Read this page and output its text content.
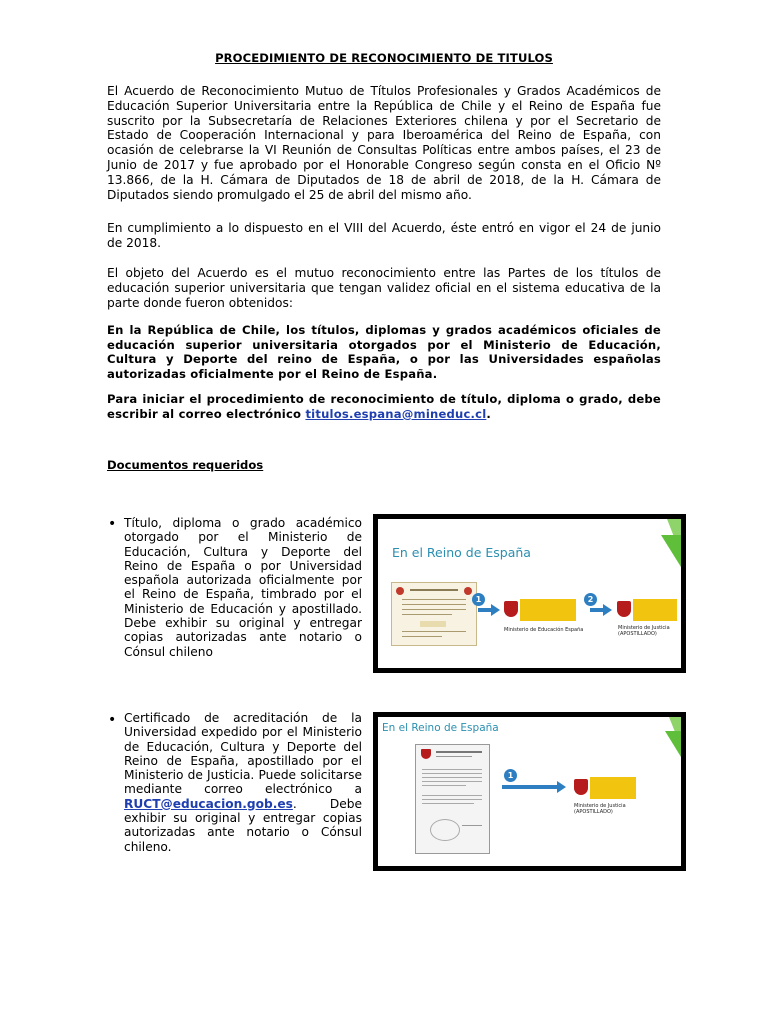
PROCEDIMIENTO DE RECONOCIMIENTO DE TITULOS

El Acuerdo de Reconocimiento Mutuo de Títulos Profesionales y Grados Académicos de Educación Superior Universitaria entre la República de Chile y el Reino de España fue suscrito por la Subsecretaría de Relaciones Exteriores chilena y por el Secretario de Estado de Cooperación Internacional y para Iberoamérica del Reino de España, con ocasión de celebrarse la VI Reunión de Consultas Políticas entre ambos países, el 23 de Junio de 2017 y fue aprobado por el Honorable Congreso según consta en el Oficio Nº 13.866, de la H. Cámara de Diputados de 18 de abril de 2018, de la H. Cámara de Diputados siendo promulgado el 25 de abril del mismo año.

En cumplimiento a lo dispuesto en el VIII del Acuerdo, éste entró en vigor el 24 de junio de 2018.

El objeto del Acuerdo es el mutuo reconocimiento entre las Partes de los títulos de educación superior universitaria que tengan validez oficial en el sistema educativa de la parte donde fueron obtenidos:

En la República de Chile, los títulos, diplomas y grados académicos oficiales de educación superior universitaria otorgados por el Ministerio de Educación, Cultura y Deporte del reino de España, o por las Universidades españolas autorizadas oficialmente por el Reino de España.

Para iniciar el procedimiento de reconocimiento de título, diploma o grado, debe escribir al correo electrónico titulos.espana@mineduc.cl.

Documentos requeridos
• Título, diploma o grado académico otorgado por el Ministerio de Educación, Cultura y Deporte del Reino de España o por Universidad española autorizada oficialmente por el Reino de España, timbrado por el Ministerio de Educación y apostillado. Debe exhibir su original y entregar copias autorizadas ante notario o Cónsul chileno

En el Reino de España
1
Ministerio de Educación España
2
Ministerio de Justicia
(APOSTILLADO)
• Certificado de acreditación de la Universidad expedido por el Ministerio de Educación, Cultura y Deporte del Reino de España, apostillado por el Ministerio de Justicia. Puede solicitarse mediante correo electrónico a RUCT@educacion.gob.es. Debe exhibir su original y entregar copias autorizadas ante notario o Cónsul chileno.

En el Reino de España
1
Ministerio de Justicia
(APOSTILLADO)
